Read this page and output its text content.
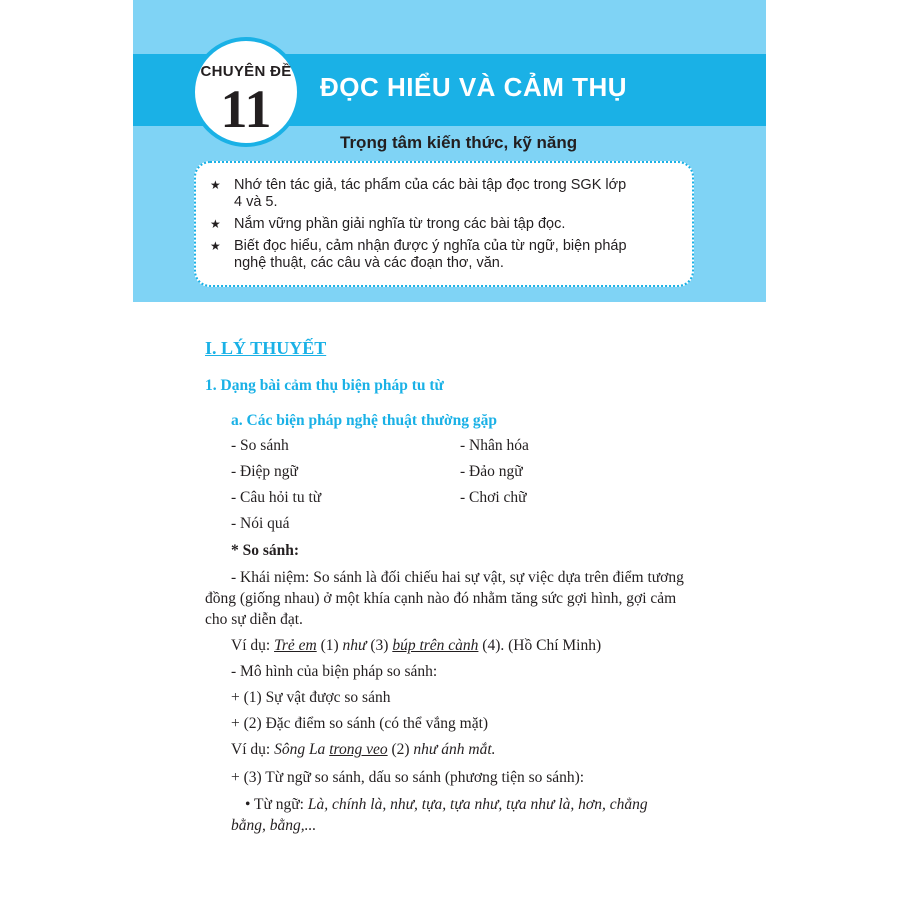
CHUYÊN ĐỀ
11	ĐỌC HIỂU VÀ CẢM THỤ
Trọng tâm kiến thức, kỹ năng
★ Nhớ tên tác giả, tác phẩm của các bài tập đọc trong SGK lớp
4 và 5.
★ Nắm vững phần giải nghĩa từ trong các bài tập đọc.
★ Biết đọc hiểu, cảm nhận được ý nghĩa của từ ngữ, biện pháp
nghệ thuật, các câu và các đoạn thơ, văn.
I. LÝ THUYẾT
1. Dạng bài cảm thụ biện pháp tu từ
a. Các biện pháp nghệ thuật thường gặp
- So sánh
- Điệp ngữ
- Câu hỏi tu từ
- Nói quá
- Nhân hóa
- Đảo ngữ
- Chơi chữ
* So sánh:
- Khái niệm: So sánh là đối chiếu hai sự vật, sự việc dựa trên điểm tương
đồng (giống nhau) ở một khía cạnh nào đó nhằm tăng sức gợi hình, gợi cảm
cho sự diễn đạt.
Ví dụ: Trẻ em (1) như (3) búp trên cành (4). (Hồ Chí Minh)
- Mô hình của biện pháp so sánh:
+ (1) Sự vật được so sánh
+ (2) Đặc điểm so sánh (có thể vắng mặt)
Ví dụ: Sông La trong veo (2) như ánh mắt.
+ (3) Từ ngữ so sánh, dấu so sánh (phương tiện so sánh):
• Từ ngữ: Là, chính là, như, tựa, tựa như, tựa như là, hơn, chẳng
bằng, bằng,...
